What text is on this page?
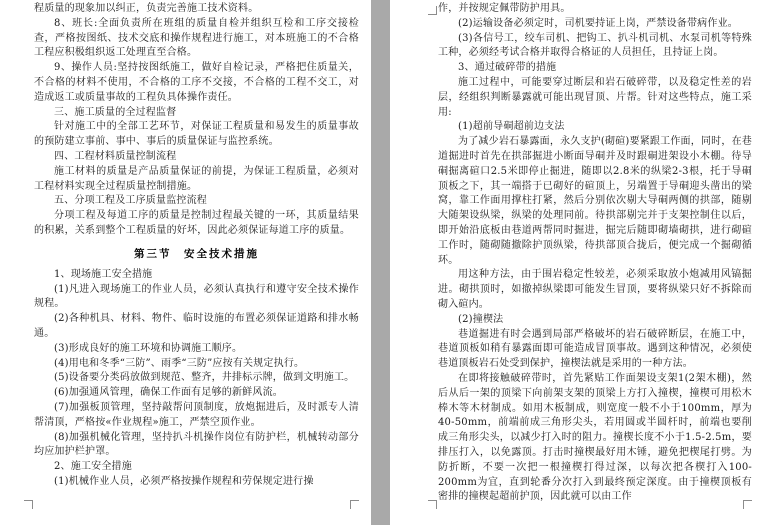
程质量的现象加以纠正，负责完善施工技术资料。

8、班长:全面负责所在班组的质量自检并组织互检和工序交接检查，严格按图纸、技术交底和操作规程进行施工，对本班施工的不合格工程应积极组织返工处理直至合格。

9、操作人员:坚持按图纸施工，做好自检记录，严格把住质量关，不合格的材料不使用，不合格的工序不交接，不合格的工程不交工，对造成返工或质量事故的工程负具体操作责任。

三、施工质量的全过程监督

针对施工中的全部工艺环节，对保证工程质量和易发生的质量事故的预防建立事前、事中、事后的质量保证与监控系统。

四、工程材料质量控制流程

施工材料的质量是产品质量保证的前提，为保证工程质量，必须对工程材料实现全过程质量控制措施。

五、分项工程及工序质量监控流程

分项工程及每道工序的质量是控制过程最关键的一环，其质量结果的积累，关系到整个工程质量的好坏，因此必须保证每道工序的质量。

第三节　安全技术措施

1、现场施工安全措施

(1)凡进入现场施工的作业人员，必须认真执行和遵守安全技术操作规程。

(2)各种机具、材料、物件、临时设施的布置必须保证道路和排水畅通。

(3)形成良好的施工环境和协调施工顺序。

(4)用电和冬季“三防”、雨季“三防”应按有关规定执行。

(5)设备要分类码放做到规范、整齐，井排标示牌，做到文明施工。

(6)加强通风管理，确保工作面有足够的新鲜风流。

(7)加强板顶管理，坚持敲帮问顶制度，放炮掘进后，及时派专人清帮清顶，严格按«作业规程»施工，严禁空顶作业。

(8)加强机械化管理，坚持扒斗机操作岗位有防护栏，机械转动部分均应加护栏护罩。

2、施工安全措施

(1)机械作业人员，必须严格按操作规程和劳保规定进行操

作，并按规定佩带防护用具。

(2)运输设备必须定时，司机要持证上岗，严禁设备带病作业。

(3)各信号工，绞车司机、把钩工、扒斗机司机、水泵司机等特殊工种，必须经考试合格并取得合格证的人员担任，且持证上岗。

3、通过破碎带的措施

施工过程中，可能要穿过断层和岩石破碎带，以及稳定性差的岩层，经组织判断暴露就可能出现冒顶、片帮。针对这些特点，施工采用:

(1)超前导硐超前边支法

为了减少岩石暴露面，永久支护(砌碹)要紧跟工作面，同时，在巷道掘进时首先在拱部掘进小断面导硐并及时跟硐进架设小木棚。待导硐掘离碹口2.5米即停止掘进，随即以2.8米的纵梁2-3根，托于导硐顶板之下，其一端搭于已砌好的碹顶上，另端置于导硐迎头凿出的梁窝，靠工作面用撑柱打紧，然后分别依次剔大导硐两侧的拱部，随剔大随架设纵梁，纵梁的处理同前。待拱部剔完并于支架控制住以后，即开始沿底板由巷道两帮同时掘进，掘完后随即砌墙砌拱，进行砌碹工作时，随砌随撤除护顶纵梁，待拱部顶合拢后，便完成一个掘砌循环。

用这种方法，由于围岩稳定性较差，必须采取放小炮减用风镐掘进。砌拱顶时，如撤掉纵梁即可能发生冒顶，要将纵梁只好不拆除而砌入碹内。

(2)撞楔法

巷道掘进有时会遇到局部严格破坏的岩石破碎断层，在施工中，巷道顶板如稍有暴露面即可能造成冒顶事故。遇到这种情况，必须使巷道顶板岩石处受到保护，撞楔法就是采用的一种方法。

在即将接触破碎带时，首先紧贴工作面架设支架1(2架木棚)，然后从后一架的顶梁下向前架支架的顶梁上方打入撞楔，撞楔可用松木棒木等木材制成。如用木板制成，则宽度一般不小于100mm，厚为40-50mm，前端前成三角形尖头，若用圆或半圆杆时，前端也要削成三角形尖头，以减少打入时的阻力。撞楔长度不小于1.5-2.5m，要排压打入，以免露顶。打击时撞楔最好用木锤，避免把楔尾打劈。为防折断，不要一次把一根撞楔打得过深，以每次把各楔打入100-200mm为宜，直到轮番分次打入到最终预定深度。由于撞楔顶板有密排的撞楔起超前护顶，因此就可以由工作
